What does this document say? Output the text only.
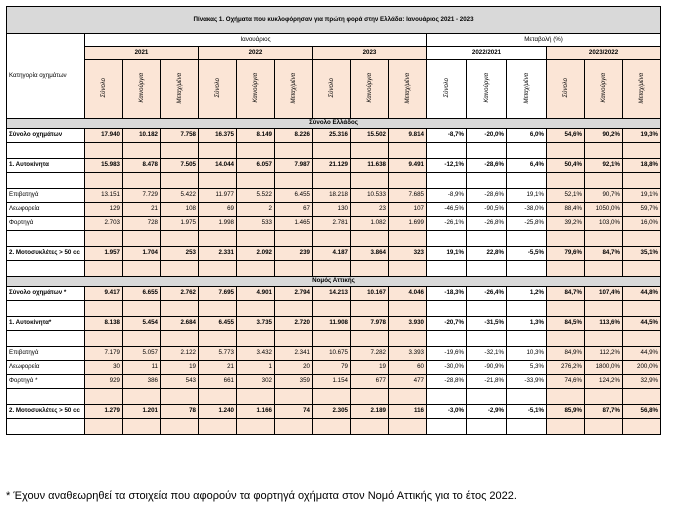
Πίνακας 1. Οχήματα που κυκλοφόρησαν για πρώτη φορά στην Ελλάδα: Ιανουάριος 2021 - 2023															
Κατηγορία οχημάτων	Ιανουάριος									Μεταβολή (%)					
	2021			2022			2023			2022/2021			2023/2022		
	Σύνολο	Καινούργια	Μεταχ/μένα	Σύνολο	Καινούργια	Μεταχ/μένα	Σύνολο	Καινούργια	Μεταχ/μένα	Σύνολο	Καινούργια	Μεταχ/μένα	Σύνολο	Καινούργια	Μεταχ/μένα
Σύνολο Ελλάδος															
Σύνολο οχημάτων	17.940	10.182	7.758	16.375	8.149	8.226	25.316	15.502	9.814	-8,7%	-20,0%	6,0%	54,6%	90,2%	19,3%

1. Αυτοκίνητα	15.983	8.478	7.505	14.044	6.057	7.987	21.129	11.638	9.491	-12,1%	-28,6%	6,4%	50,4%	92,1%	18,8%

Επιβατηγά	13.151	7.729	5.422	11.977	5.522	6.455	18.218	10.533	7.685	-8,9%	-28,6%	19,1%	52,1%	90,7%	19,1%
Λεωφορεία	129	21	108	69	2	67	130	23	107	-46,5%	-90,5%	-38,0%	88,4%	1050,0%	59,7%
Φορτηγά	2.703	728	1.975	1.998	533	1.465	2.781	1.082	1.699	-26,1%	-26,8%	-25,8%	39,2%	103,0%	16,0%

2. Μοτοσυκλέτες > 50 cc	1.957	1.704	253	2.331	2.092	239	4.187	3.864	323	19,1%	22,8%	-5,5%	79,6%	84,7%	35,1%

Νομός Αττικής															
Σύνολο οχημάτων *	9.417	6.655	2.762	7.695	4.901	2.794	14.213	10.167	4.046	-18,3%	-26,4%	1,2%	84,7%	107,4%	44,8%

1. Αυτοκίνητα*	8.138	5.454	2.684	6.455	3.735	2.720	11.908	7.978	3.930	-20,7%	-31,5%	1,3%	84,5%	113,6%	44,5%

Επιβατηγά	7.179	5.057	2.122	5.773	3.432	2.341	10.675	7.282	3.393	-19,6%	-32,1%	10,3%	84,9%	112,2%	44,9%
Λεωφορεία	30	11	19	21	1	20	79	19	60	-30,0%	-90,9%	5,3%	276,2%	1800,0%	200,0%
Φορτηγά *	929	386	543	661	302	359	1.154	677	477	-28,8%	-21,8%	-33,9%	74,6%	124,2%	32,9%

2. Μοτοσυκλέτες > 50 cc	1.279	1.201	78	1.240	1.166	74	2.305	2.189	116	-3,0%	-2,9%	-5,1%	85,9%	87,7%	56,8%

* Έχουν αναθεωρηθεί τα στοιχεία που αφορούν τα φορτηγά οχήματα στον Νομό Αττικής για το έτος 2022.
